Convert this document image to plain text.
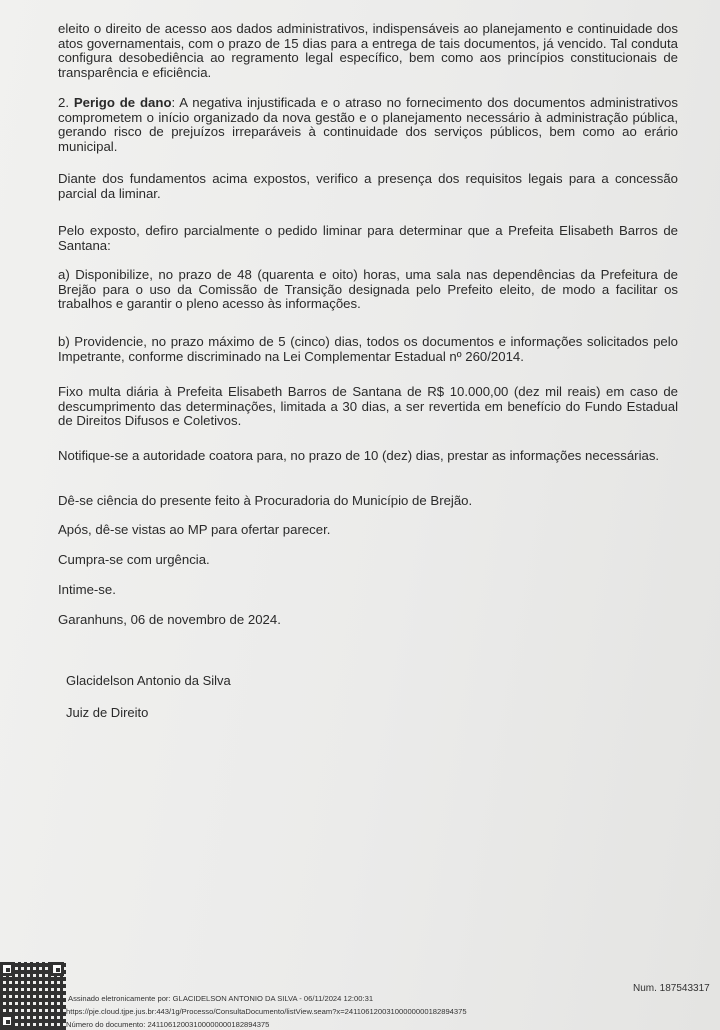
eleito o direito de acesso aos dados administrativos, indispensáveis ao planejamento e continuidade dos atos governamentais, com o prazo de 15 dias para a entrega de tais documentos, já vencido. Tal conduta configura desobediência ao regramento legal específico, bem como aos princípios constitucionais de transparência e eficiência.
2. Perigo de dano: A negativa injustificada e o atraso no fornecimento dos documentos administrativos comprometem o início organizado da nova gestão e o planejamento necessário à administração pública, gerando risco de prejuízos irreparáveis à continuidade dos serviços públicos, bem como ao erário municipal.
Diante dos fundamentos acima expostos, verifico a presença dos requisitos legais para a concessão parcial da liminar.
Pelo exposto, defiro parcialmente o pedido liminar para determinar que a Prefeita Elisabeth Barros de Santana:
a) Disponibilize, no prazo de 48 (quarenta e oito) horas, uma sala nas dependências da Prefeitura de Brejão para o uso da Comissão de Transição designada pelo Prefeito eleito, de modo a facilitar os trabalhos e garantir o pleno acesso às informações.
b) Providencie, no prazo máximo de 5 (cinco) dias, todos os documentos e informações solicitados pelo Impetrante, conforme discriminado na Lei Complementar Estadual nº 260/2014.
Fixo multa diária à Prefeita Elisabeth Barros de Santana de R$ 10.000,00 (dez mil reais) em caso de descumprimento das determinações, limitada a 30 dias, a ser revertida em benefício do Fundo Estadual de Direitos Difusos e Coletivos.
Notifique-se a autoridade coatora para, no prazo de 10 (dez) dias, prestar as informações necessárias.
Dê-se ciência do presente feito à Procuradoria do Município de Brejão.
Após, dê-se vistas ao MP para ofertar parecer.
Cumpra-se com urgência.
Intime-se.
Garanhuns, 06 de novembro de 2024.
Glacidelson Antonio da Silva
Juiz de Direito
Assinado eletronicamente por: GLACIDELSON ANTONIO DA SILVA - 06/11/2024 12:00:31
https://pje.cloud.tjpe.jus.br:443/1g/Processo/ConsultaDocumento/listView.seam?x=24110612003100000000182894375
Número do documento: 24110612003100000000182894375
Num. 187543317
